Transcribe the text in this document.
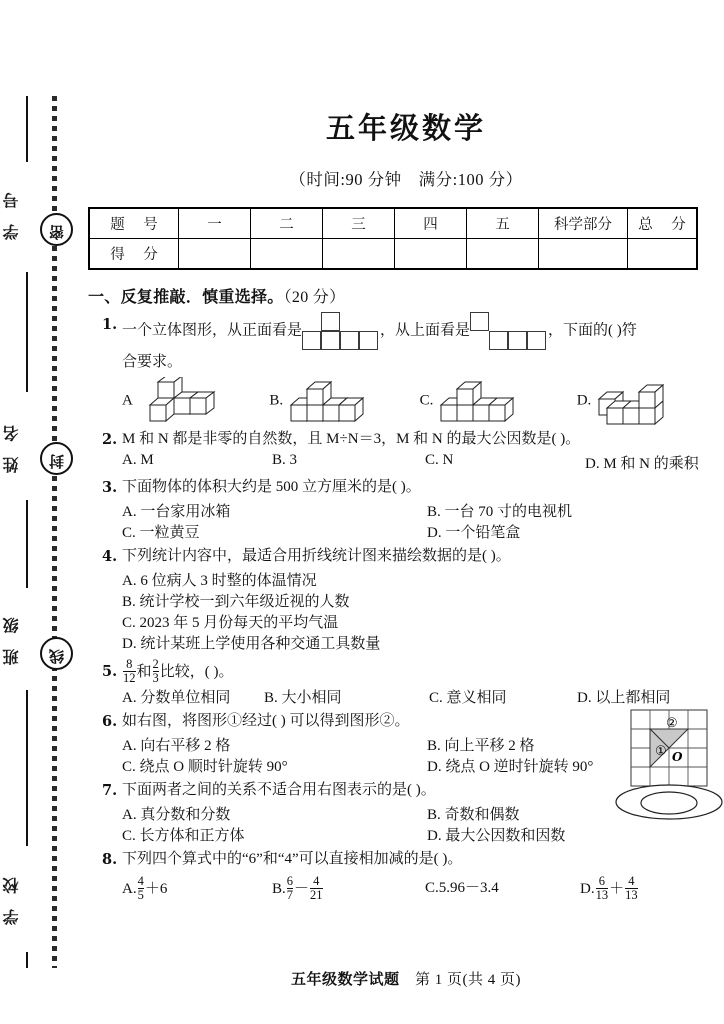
学 号
姓 名
班 级
学 校
密
封
线
五年级数学
（时间:90 分钟　满分:100 分）
题 号	一	二	三	四	五	科学部分	总 分
得 分							
一、反复推敲．慎重选择。（20 分）
1. 一个立体图形，从正面看是	，从上面看是	，下面的( )符
合要求。
A	B.	C.	D.
2. M 和 N 都是非零的自然数，且 M÷N＝3，M 和 N 的最大公因数是( )。
A. M	B. 3	C. N	D. M 和 N 的乘积
3. 下面物体的体积大约是 500 立方厘米的是( )。
A. 一台家用冰箱	B. 一台 70 寸的电视机
C. 一粒黄豆	D. 一个铅笔盒
4. 下列统计内容中，最适合用折线统计图来描绘数据的是( )。
A. 6 位病人 3 时整的体温情况
B. 统计学校一到六年级近视的人数
C. 2023 年 5 月份每天的平均气温
D. 统计某班上学使用各种交通工具数量
5. $\frac{8}{12}$ 和$\frac{2}{3}$ 比较，( )。
A. 分数单位相同	B. 大小相同	C. 意义相同	D. 以上都相同
6. 如右图，将图形①经过( ) 可以得到图形②。
①
②
O
A. 向右平移 2 格	B. 向上平移 2 格
C. 绕点 O 顺时针旋转 90°	D. 绕点 O 逆时针旋转 90°
7. 下面两者之间的关系不适合用右图表示的是( )。
A. 真分数和分数	B. 奇数和偶数
C. 长方体和正方体	D. 最大公因数和因数
8. 下列四个算式中的“6”和“4”可以直接相加减的是( )。
$A.\frac{4}{5} +6$	$B.\frac{6}{7} -\frac{4}{21}$	C.5.96－3.4	$D.\frac{6}{13} +\frac{4}{13}$
五年级数学试题　 第 1 页(共 4 页)
